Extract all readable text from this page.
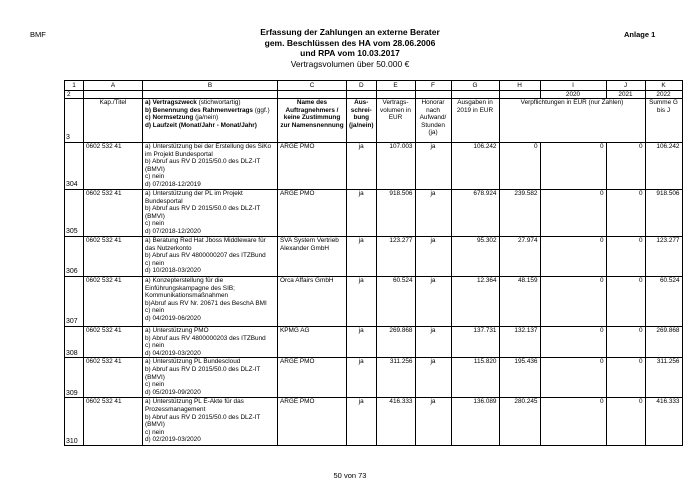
BMF	Anlage 1
Erfassung der Zahlungen an externe Berater
gem. Beschlüssen des HA vom 28.06.2006
und RPA vom 10.03.2017
Vertragsvolumen über 50.000 €
1	A	B	C	D	E	F	G	H	I	J	K
2									2020	2021	2022
3	Kap./Titel	a) Vertragszweck (stichwortartig)
b) Benennung des Rahmenvertrags (ggf.)
c) Normsetzung (ja/nein)
d) Laufzeit (Monat/Jahr - Monat/Jahr)	Name des Auftragnehmers / keine Zustimmung zur Namensnennung	Aus- schrei- bung (ja/nein)	Vertrags- volumen in EUR	Honorar nach Aufwand/ Stunden (ja)	Ausgaben in 2019 in EUR	Verpflichtungen in EUR (nur Zahlen)			Summe G bis J
304	0602 532 41	a) Unterstützung bei der Erstellung des SiKo im Projekt Bundesportal
b) Abruf aus RV D 2015/50.0 des DLZ-IT (BMVI)
c) nein
d) 07/2018-12/2019	ARGE PMO	ja	107.003	ja	106.242	0	0	0	106.242
305	0602 532 41	a) Unterstützung der PL im Projekt Bundesportal
b) Abruf aus RV D 2015/50.0 des DLZ-IT (BMVI)
c) nein
d) 07/2018-12/2020	ARGE PMO	ja	918.506	ja	678.924	239.582	0	0	918.506
306	0602 532 41	a) Beratung Red Hat Jboss Middleware für das Nutzerkonto
b) Abruf aus RV 4800000207 des ITZBund
c) nein
d) 10/2018-03/2020	SVA System Vertrieb Alexander GmbH	ja	123.277	ja	95.302	27.974	0	0	123.277
307	0602 532 41	a) Konzepterstellung für die Einführungskampagne des SIB; Kommunikationsmaßnahmen
b)Abruf aus RV Nr. 20671 des BeschA BMI
c) nein
d) 04/2019-06/2020	Orca Affairs GmbH	ja	60.524	ja	12.364	48.159	0	0	60.524
308	0602 532 41	a) Unterstützung PMO
b) Abruf aus RV 4800000203 des ITZBund
c) nein
d) 04/2019-03/2020	KPMG AG	ja	269.868	ja	137.731	132.137	0	0	269.868
309	0602 532 41	a) Unterstützung PL Bundescloud
b) Abruf aus RV D 2015/50.0 des DLZ-IT (BMVI)
c) nein
d) 05/2019-09/2020	ARGE PMO	ja	311.256	ja	115.820	195.436	0	0	311.256
310	0602 532 41	a) Unterstützung PL E-Akte für das Prozessmanagement
b) Abruf aus RV D 2015/50.0 des DLZ-IT (BMVI)
c) nein
d) 02/2019-03/2020	ARGE PMO	ja	416.333	ja	136.089	280.245	0	0	416.333
50 von 73
